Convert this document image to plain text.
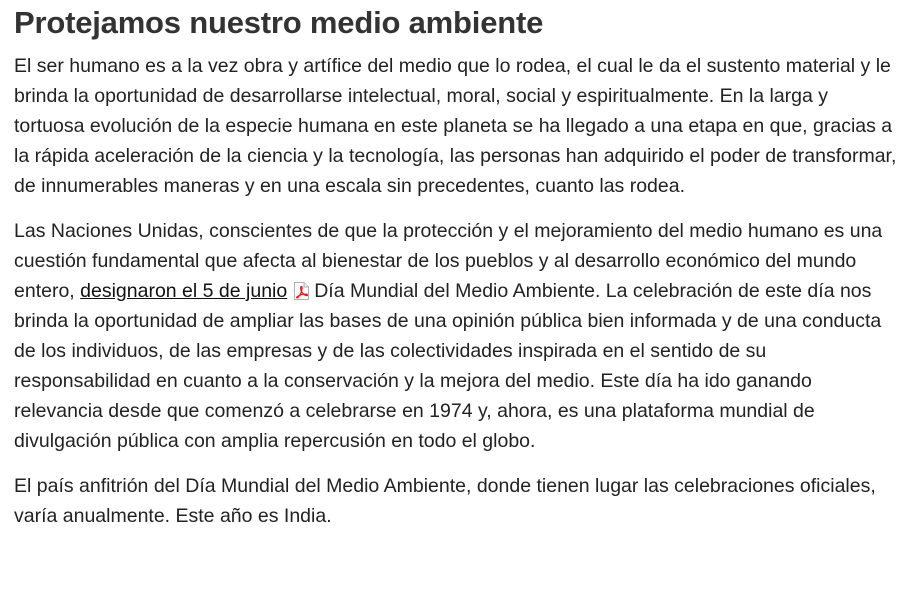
Protejamos nuestro medio ambiente

El ser humano es a la vez obra y artífice del medio que lo rodea, el cual le da el sustento material y le brinda la oportunidad de desarrollarse intelectual, moral, social y espiritualmente. En la larga y tortuosa evolución de la especie humana en este planeta se ha llegado a una etapa en que, gracias a la rápida aceleración de la ciencia y la tecnología, las personas han adquirido el poder de transformar, de innumerables maneras y en una escala sin precedentes, cuanto las rodea.

Las Naciones Unidas, conscientes de que la protección y el mejoramiento del medio humano es una cuestión fundamental que afecta al bienestar de los pueblos y al desarrollo económico del mundo entero, designaron el 5 de junio Día Mundial del Medio Ambiente. La celebración de este día nos brinda la oportunidad de ampliar las bases de una opinión pública bien informada y de una conducta de los individuos, de las empresas y de las colectividades inspirada en el sentido de su responsabilidad en cuanto a la conservación y la mejora del medio. Este día ha ido ganando relevancia desde que comenzó a celebrarse en 1974 y, ahora, es una plataforma mundial de divulgación pública con amplia repercusión en todo el globo.

El país anfitrión del Día Mundial del Medio Ambiente, donde tienen lugar las celebraciones oficiales, varía anualmente. Este año es India.
